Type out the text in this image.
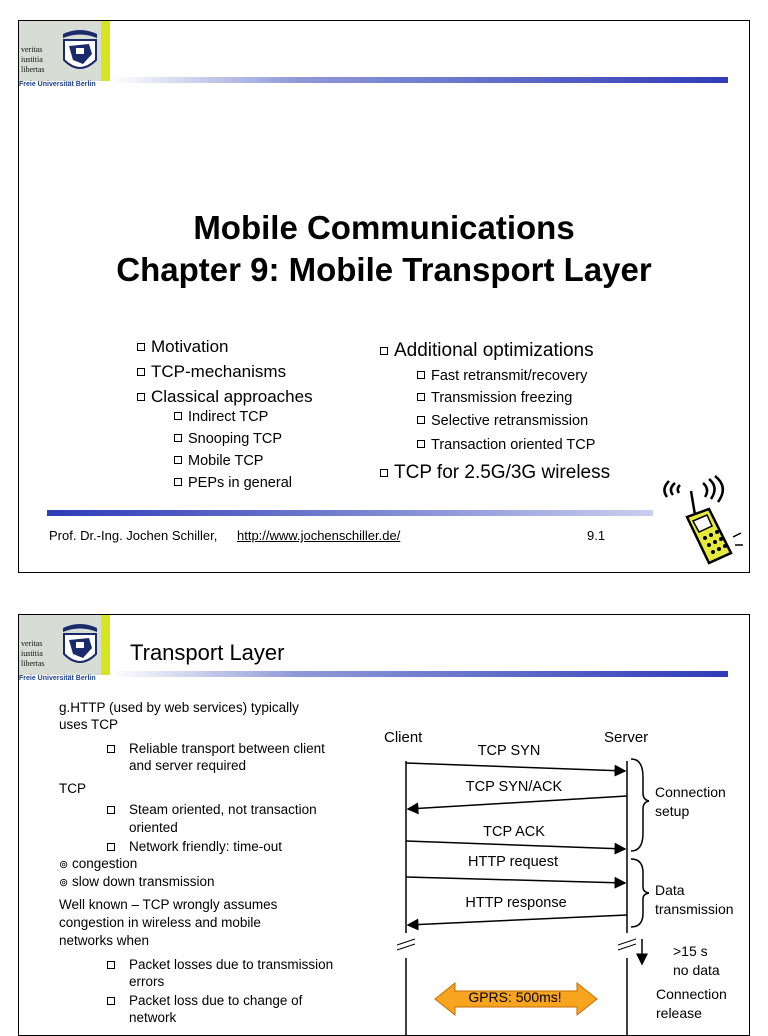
veritas
iustitia
libertas
Freie Universität Berlin
Mobile Communications
Chapter 9: Mobile Transport Layer
Motivation
TCP-mechanisms
Classical approaches
Indirect TCP
Snooping TCP
Mobile TCP
PEPs in general
Additional optimizations
Fast retransmit/recovery
Transmission freezing
Selective retransmission
Transaction oriented TCP
TCP for 2.5G/3G wireless
Prof. Dr.-Ing. Jochen Schiller, http://www.jochenschiller.de/	9.1
veritas
iustitia
libertas
Freie Universität Berlin
Transport Layer
g.HTTP (used by web services) typically
uses TCP
Reliable transport between client
and server required
TCP
Steam oriented, not transaction
oriented
Network friendly: time-out
⊚ congestion
⊚ slow down transmission
Well known – TCP wrongly assumes
congestion in wireless and mobile
networks when
Packet losses due to transmission
errors
Packet loss due to change of
network
Client	Server
TCP SYN
TCP SYN/ACK
TCP ACK
HTTP request
HTTP response
Connection
setup
Data
transmission
>15 s
no data
Connection
release
GPRS: 500ms!
